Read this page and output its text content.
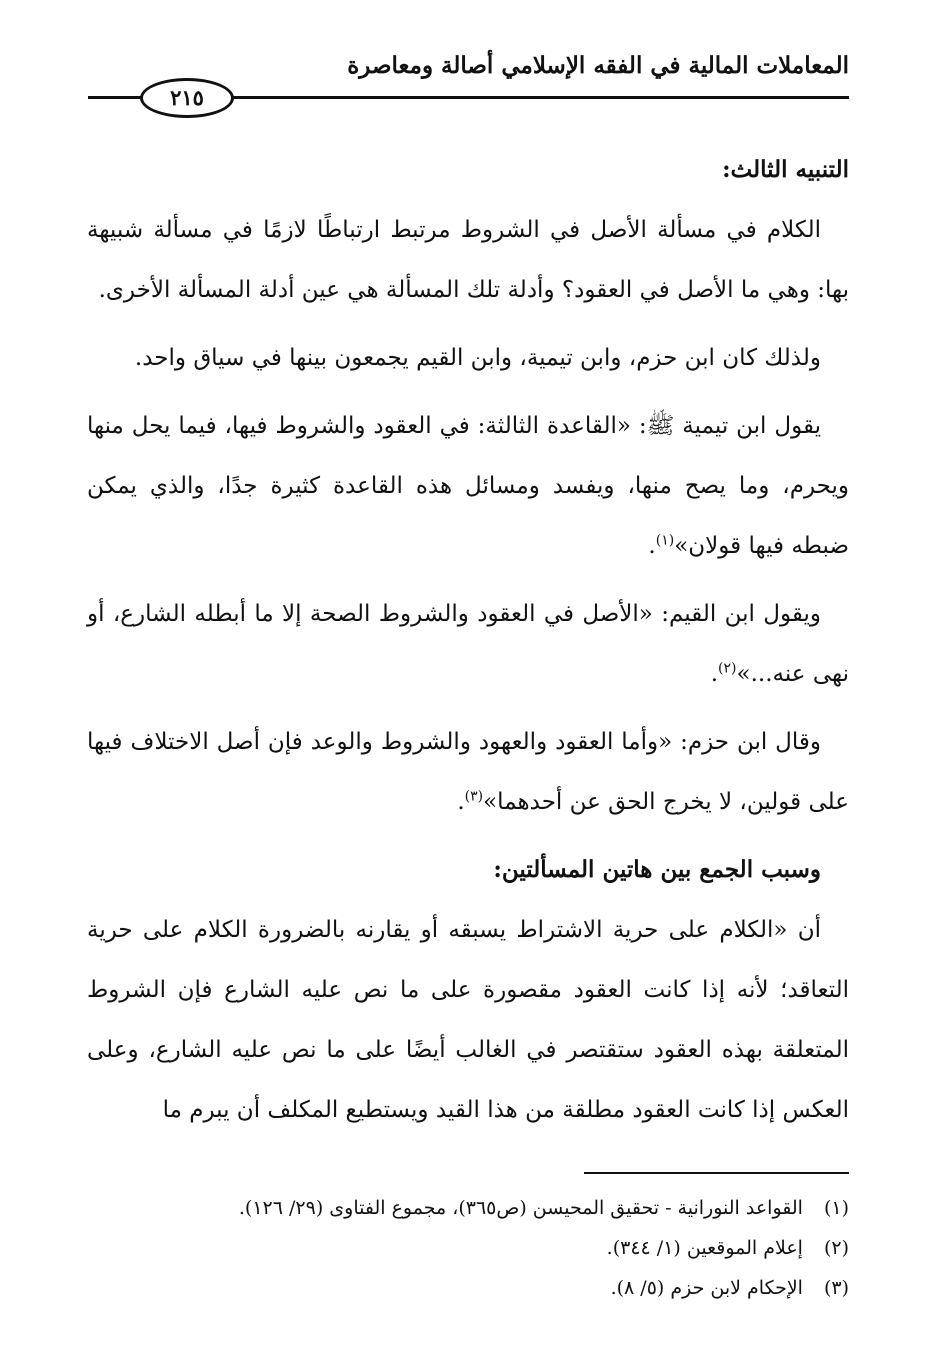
المعاملات المالية في الفقه الإسلامي أصالة ومعاصرة
٢١٥

التنبيه الثالث:

الكلام في مسألة الأصل في الشروط مرتبط ارتباطًا لازمًا في مسألة شبيهة بها: وهي ما الأصل في العقود؟ وأدلة تلك المسألة هي عين أدلة المسألة الأخرى.

ولذلك كان ابن حزم، وابن تيمية، وابن القيم يجمعون بينها في سياق واحد.

يقول ابن تيمية ﷺ: «القاعدة الثالثة: في العقود والشروط فيها، فيما يحل منها ويحرم، وما يصح منها، ويفسد ومسائل هذه القاعدة كثيرة جدًا، والذي يمكن ضبطه فيها قولان»$^{(١)}$.

ويقول ابن القيم: «الأصل في العقود والشروط الصحة إلا ما أبطله الشارع، أو نهى عنه...»$^{(٢)}$.

وقال ابن حزم: «وأما العقود والعهود والشروط والوعد فإن أصل الاختلاف فيها على قولين، لا يخرج الحق عن أحدهما»$^{(٣)}$.

وسبب الجمع بين هاتين المسألتين:

أن «الكلام على حرية الاشتراط يسبقه أو يقارنه بالضرورة الكلام على حرية التعاقد؛ لأنه إذا كانت العقود مقصورة على ما نص عليه الشارع فإن الشروط المتعلقة بهذه العقود ستقتصر في الغالب أيضًا على ما نص عليه الشارع، وعلى العكس إذا كانت العقود مطلقة من هذا القيد ويستطيع المكلف أن يبرم ما

(١) القواعد النورانية - تحقيق المحيسن (ص٣٦٥)، مجموع الفتاوى (٢٩/ ١٢٦).

(٢) إعلام الموقعين (١/ ٣٤٤).

(٣) الإحكام لابن حزم (٥/ ٨).
